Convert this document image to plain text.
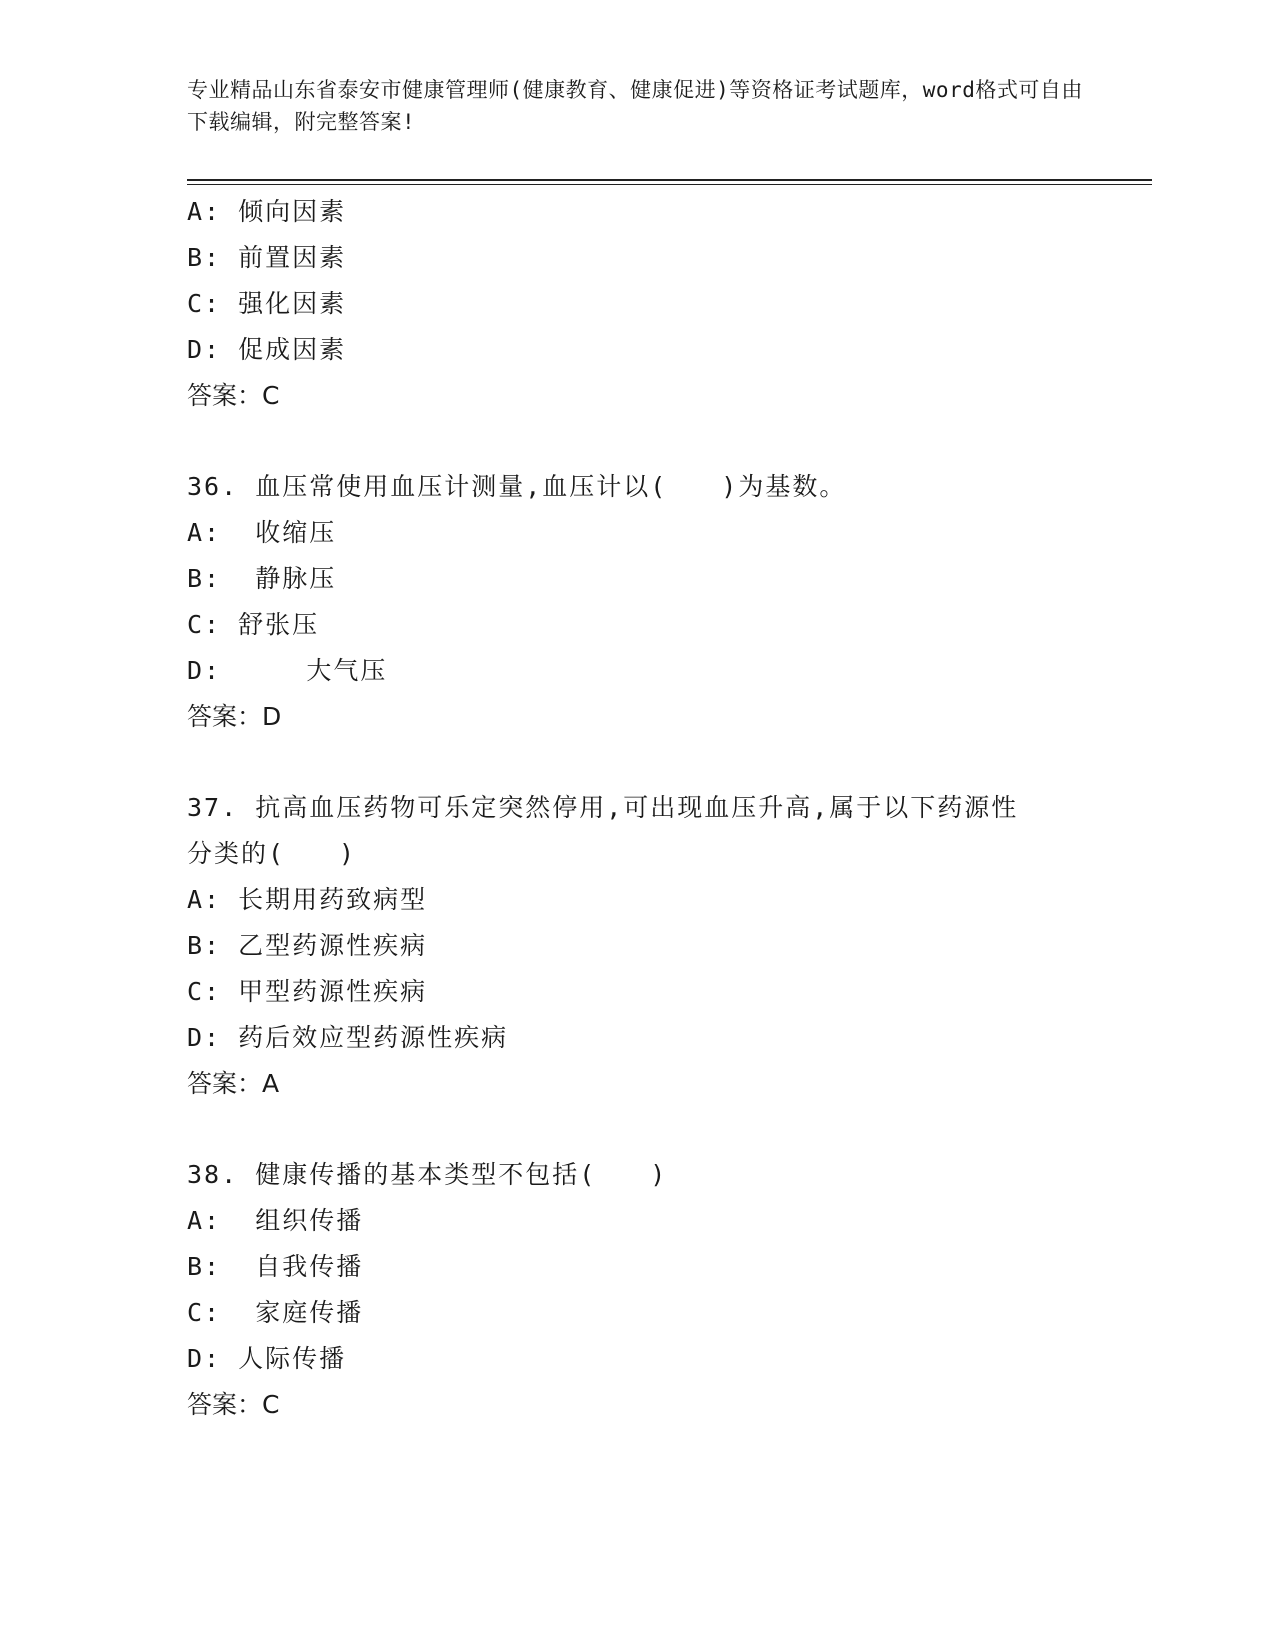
专业精品山东省泰安市健康管理师(健康教育、健康促进)等资格证考试题库，word格式可自由下载编辑，附完整答案!
A: 倾向因素
B: 前置因素
C: 强化因素
D: 促成因素
答案：C
36. 血压常使用血压计测量,血压计以(　　)为基数。
A:  收缩压
B:  静脉压
C: 舒张压
D:     大气压
答案：D
37. 抗高血压药物可乐定突然停用,可出现血压升高,属于以下药源性分类的(　　)
A: 长期用药致病型
B: 乙型药源性疾病
C: 甲型药源性疾病
D: 药后效应型药源性疾病
答案：A
38. 健康传播的基本类型不包括(　　)
A:  组织传播
B:  自我传播
C:  家庭传播
D: 人际传播
答案：C
